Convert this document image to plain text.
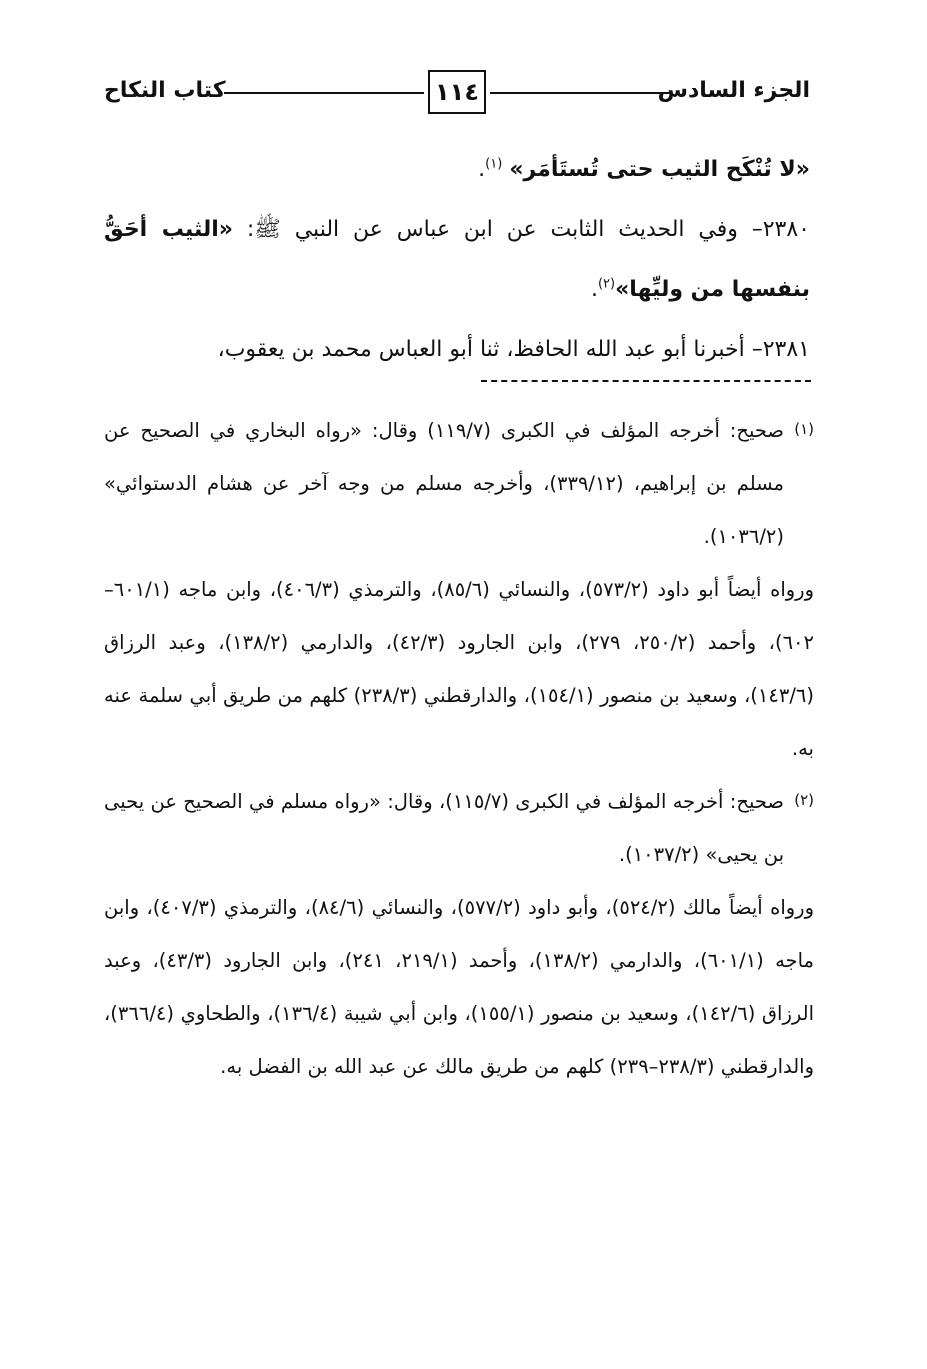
الجزء السادس
١١٤
كتاب النكاح

«لا تُنْكَح الثيب حتى تُستَأمَر» $^{(١)}$.

٢٣٨٠– وفي الحديث الثابت عن ابن عباس عن النبي ﷺ: «الثيب أحَقُّ بنفسها من وليِّها»$^{(٢)}$.

٢٣٨١– أخبرنا أبو عبد الله الحافظ، ثنا أبو العباس محمد بن يعقوب،

(١)

صحيح: أخرجه المؤلف في الكبرى (١١٩/٧) وقال: «رواه البخاري في الصحيح عن مسلم بن إبراهيم، (٣٣٩/١٢)، وأخرجه مسلم من وجه آخر عن هشام الدستوائي» (١٠٣٦/٢).

ورواه أيضاً أبو داود (٥٧٣/٢)، والنسائي (٨٥/٦)، والترمذي (٤٠٦/٣)، وابن ماجه (٦٠١/١–٦٠٢)، وأحمد (٢٥٠/٢، ٢٧٩)، وابن الجارود (٤٢/٣)، والدارمي (١٣٨/٢)، وعبد الرزاق (١٤٣/٦)، وسعيد بن منصور (١٥٤/١)، والدارقطني (٢٣٨/٣) كلهم من طريق أبي سلمة عنه به.

(٢)

صحيح: أخرجه المؤلف في الكبرى (١١٥/٧)، وقال: «رواه مسلم في الصحيح عن يحيى بن يحيى» (١٠٣٧/٢).

ورواه أيضاً مالك (٥٢٤/٢)، وأبو داود (٥٧٧/٢)، والنسائي (٨٤/٦)، والترمذي (٤٠٧/٣)، وابن ماجه (٦٠١/١)، والدارمي (١٣٨/٢)، وأحمد (٢١٩/١، ٢٤١)، وابن الجارود (٤٣/٣)، وعبد الرزاق (١٤٢/٦)، وسعيد بن منصور (١٥٥/١)، وابن أبي شيبة (١٣٦/٤)، والطحاوي (٣٦٦/٤)، والدارقطني (٢٣٨/٣–٢٣٩) كلهم من طريق مالك عن عبد الله بن الفضل به.
